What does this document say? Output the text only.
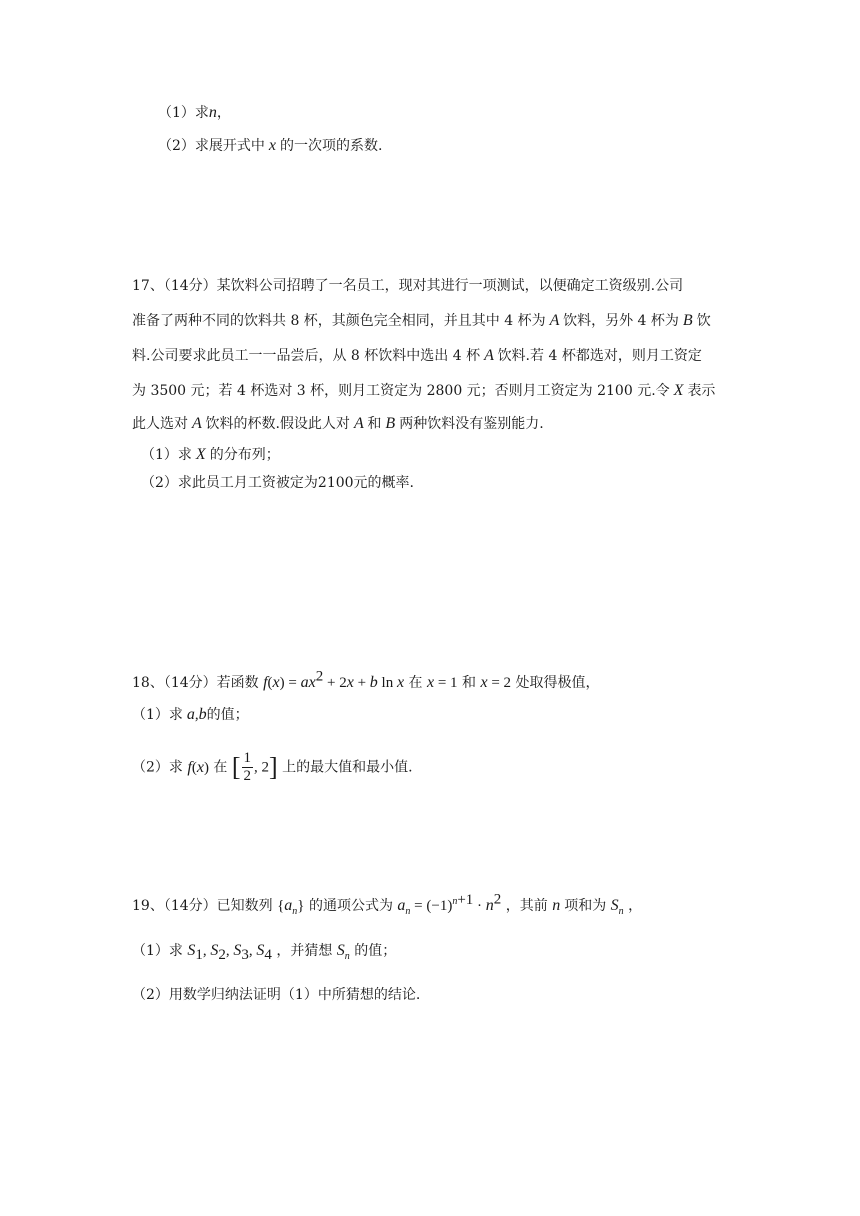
（1）求n，
（2）求展开式中 x 的一次项的系数.
17、（14分）某饮料公司招聘了一名员工，现对其进行一项测试，以便确定工资级别.公司
准备了两种不同的饮料共 8 杯，其颜色完全相同，并且其中 4 杯为 A 饮料，另外 4 杯为 B 饮
料.公司要求此员工一一品尝后，从 8 杯饮料中选出 4 杯 A 饮料.若 4 杯都选对，则月工资定
为 3500 元；若 4 杯选对 3 杯，则月工资定为 2800 元；否则月工资定为 2100 元.令 X 表示
此人选对 A 饮料的杯数.假设此人对 A 和 B 两种饮料没有鉴别能力.
（1）求 X 的分布列；
（2）求此员工月工资被定为2100元的概率.
18、（14分）若函数 $f(x) = ax^2 + 2x + b$ ln x 在 x = 1 和 x = 2 处取得极值，
（1）求 a,b的值；
（2）求 f(x) 在 [ $\frac{1}{2}$ , 2] 上的最大值和最小值.
19、（14分）已知数列 $\{a_n\}$ 的通项公式为 $a_n = (-1)^{n+1} \cdot n^2$ ，其前 n 项和为 $S_n$ ，
（1）求 $S_1$, $S_2$, $S_3$, $S_4$ ，并猜想 $S_n$ 的值；
（2）用数学归纳法证明（1）中所猜想的结论.
